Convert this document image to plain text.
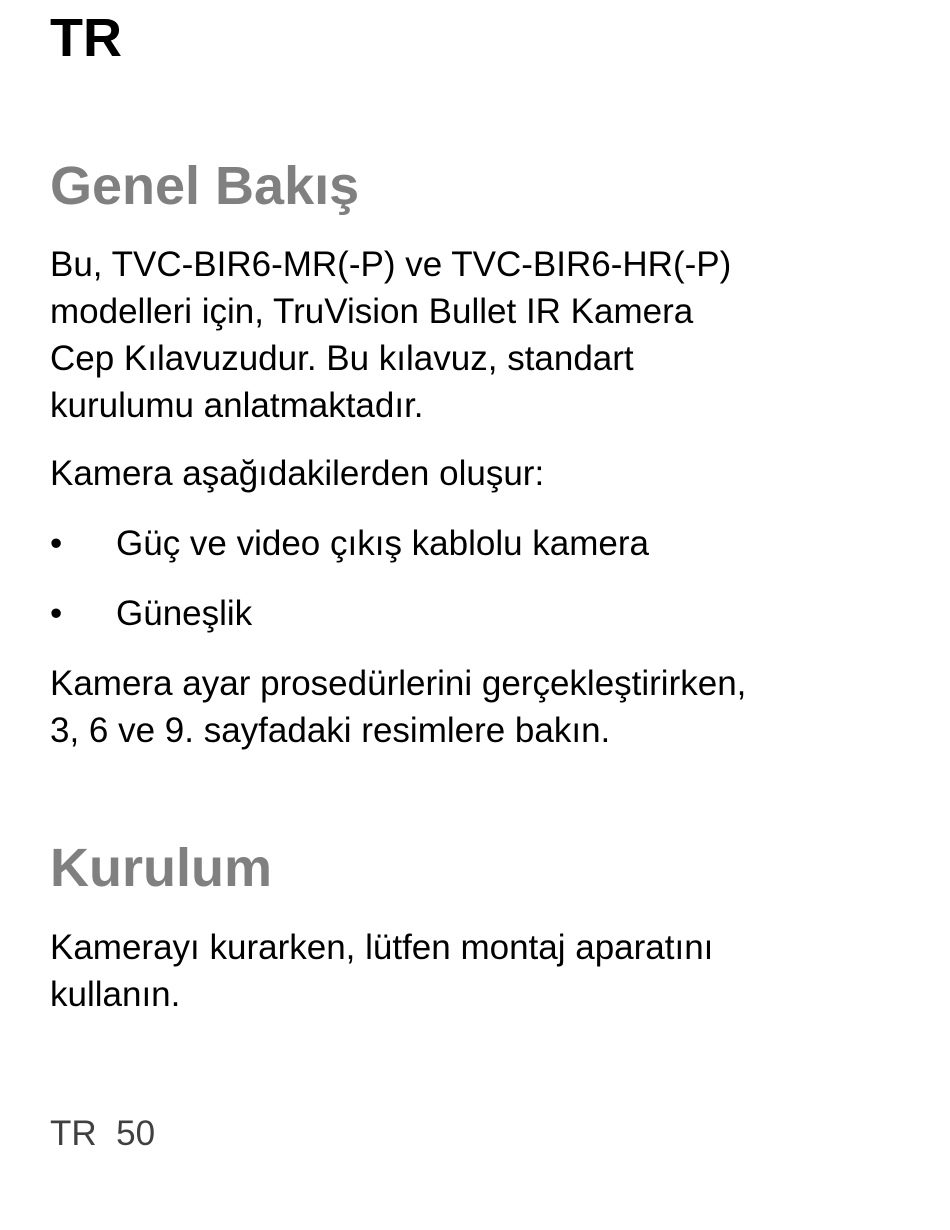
TR
Genel Bakış

Bu, TVC-BIR6-MR(-P) ve TVC-BIR6-HR(-P)
modelleri için, TruVision Bullet IR Kamera
Cep Kılavuzudur. Bu kılavuz, standart
kurulumu anlatmaktadır.

Kamera aşağıdakilerden oluşur:

• Güç ve video çıkış kablolu kamera
• Güneşlik

Kamera ayar prosedürlerini gerçekleştirirken,
3, 6 ve 9. sayfadaki resimlere bakın.

Kurulum

Kamerayı kurarken, lütfen montaj aparatını
kullanın.

TR  50
